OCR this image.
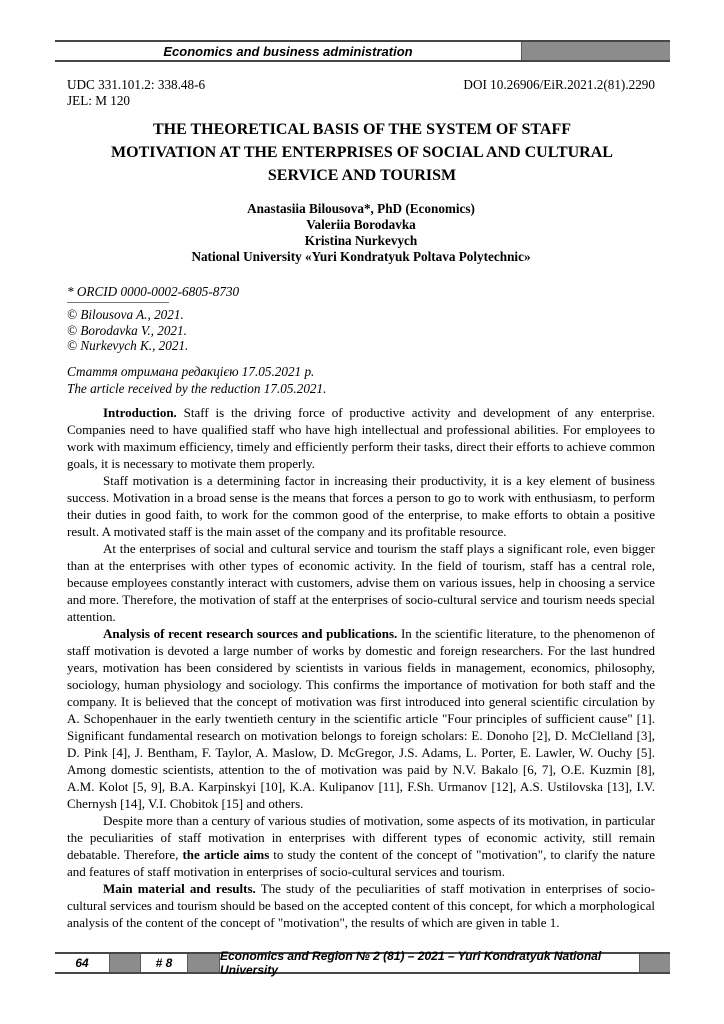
Economics and business administration
UDC 331.101.2: 338.48-6
JEL: M 120
DOI 10.26906/EiR.2021.2(81).2290
THE THEORETICAL BASIS OF THE SYSTEM OF STAFF
MOTIVATION AT THE ENTERPRISES OF SOCIAL AND CULTURAL
SERVICE AND TOURISM
Anastasiia Bilousova*, PhD (Economics)
Valeriia Borodavka
Kristina Nurkevych
National University «Yuri Kondratyuk Poltava Polytechnic»
* ORCID 0000-0002-6805-8730
© Bilousova A., 2021.
© Borodavka V., 2021.
© Nurkevych K., 2021.
Стаття отримана редакцією 17.05.2021 р.
The article received by the reduction 17.05.2021.

Introduction. Staff is the driving force of productive activity and development of any enterprise. Companies need to have qualified staff who have high intellectual and professional abilities. For employees to work with maximum efficiency, timely and efficiently perform their tasks, direct their efforts to achieve common goals, it is necessary to motivate them properly.

Staff motivation is a determining factor in increasing their productivity, it is a key element of business success. Motivation in a broad sense is the means that forces a person to go to work with enthusiasm, to perform their duties in good faith, to work for the common good of the enterprise, to make efforts to obtain a positive result. A motivated staff is the main asset of the company and its profitable resource.

At the enterprises of social and cultural service and tourism the staff plays a significant role, even bigger than at the enterprises with other types of economic activity. In the field of tourism, staff has a central role, because employees constantly interact with customers, advise them on various issues, help in choosing a service and more. Therefore, the motivation of staff at the enterprises of socio-cultural service and tourism needs special attention.

Analysis of recent research sources and publications. In the scientific literature, to the phenomenon of staff motivation is devoted a large number of works by domestic and foreign researchers. For the last hundred years, motivation has been considered by scientists in various fields in management, economics, philosophy, sociology, human physiology and sociology. This confirms the importance of motivation for both staff and the company. It is believed that the concept of motivation was first introduced into general scientific circulation by A. Schopenhauer in the early twentieth century in the scientific article "Four principles of sufficient cause" [1]. Significant fundamental research on motivation belongs to foreign scholars: E. Donoho [2], D. McClelland [3], D. Pink [4], J. Bentham, F. Taylor, A. Maslow, D. McGregor, J.S. Adams, L. Porter, E. Lawler, W. Ouchy [5]. Among domestic scientists, attention to the of motivation was paid by N.V. Bakalo [6, 7], O.E. Kuzmin [8], A.M. Kolot [5, 9], B.A. Karpinskyi [10], K.A. Kulipanov [11], F.Sh. Urmanov [12], A.S. Ustilovska [13], I.V. Chernysh [14], V.I. Chobitok [15] and others.

Despite more than a century of various studies of motivation, some aspects of its motivation, in particular the peculiarities of staff motivation in enterprises with different types of economic activity, still remain debatable. Therefore, the article aims to study the content of the concept of "motivation", to clarify the nature and features of staff motivation in enterprises of socio-cultural services and tourism.

Main material and results. The study of the peculiarities of staff motivation in enterprises of socio-cultural services and tourism should be based on the accepted content of this concept, for which a morphological analysis of the content of the concept of "motivation", the results of which are given in table 1.

64	# 8	Economics and Region № 2 (81) – 2021 – Yuri Kondratyuk National University
